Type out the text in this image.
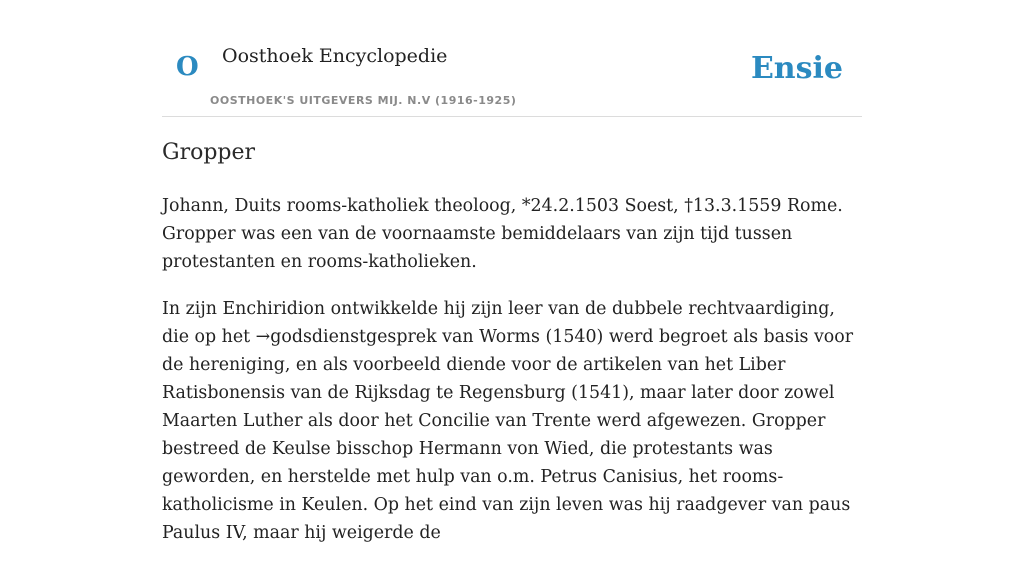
O Oosthoek Encyclopedie
OOSTHOEK'S UITGEVERS MIJ. N.V (1916-1925)
Ensie
Gropper

Johann, Duits rooms-katholiek theoloog, *24.2.1503 Soest, †13.3.1559 Rome. Gropper was een van de voornaamste bemiddelaars van zijn tijd tussen protestanten en rooms-katholieken.

In zijn Enchiridion ontwikkelde hij zijn leer van de dubbele rechtvaardiging, die op het →godsdienstgesprek van Worms (1540) werd begroet als basis voor de hereniging, en als voorbeeld diende voor de artikelen van het Liber Ratisbonensis van de Rijksdag te Regensburg (1541), maar later door zowel Maarten Luther als door het Concilie van Trente werd afgewezen. Gropper bestreed de Keulse bisschop Hermann von Wied, die protestants was geworden, en herstelde met hulp van o.m. Petrus Canisius, het rooms-katholicisme in Keulen. Op het eind van zijn leven was hij raadgever van paus Paulus IV, maar hij weigerde de
